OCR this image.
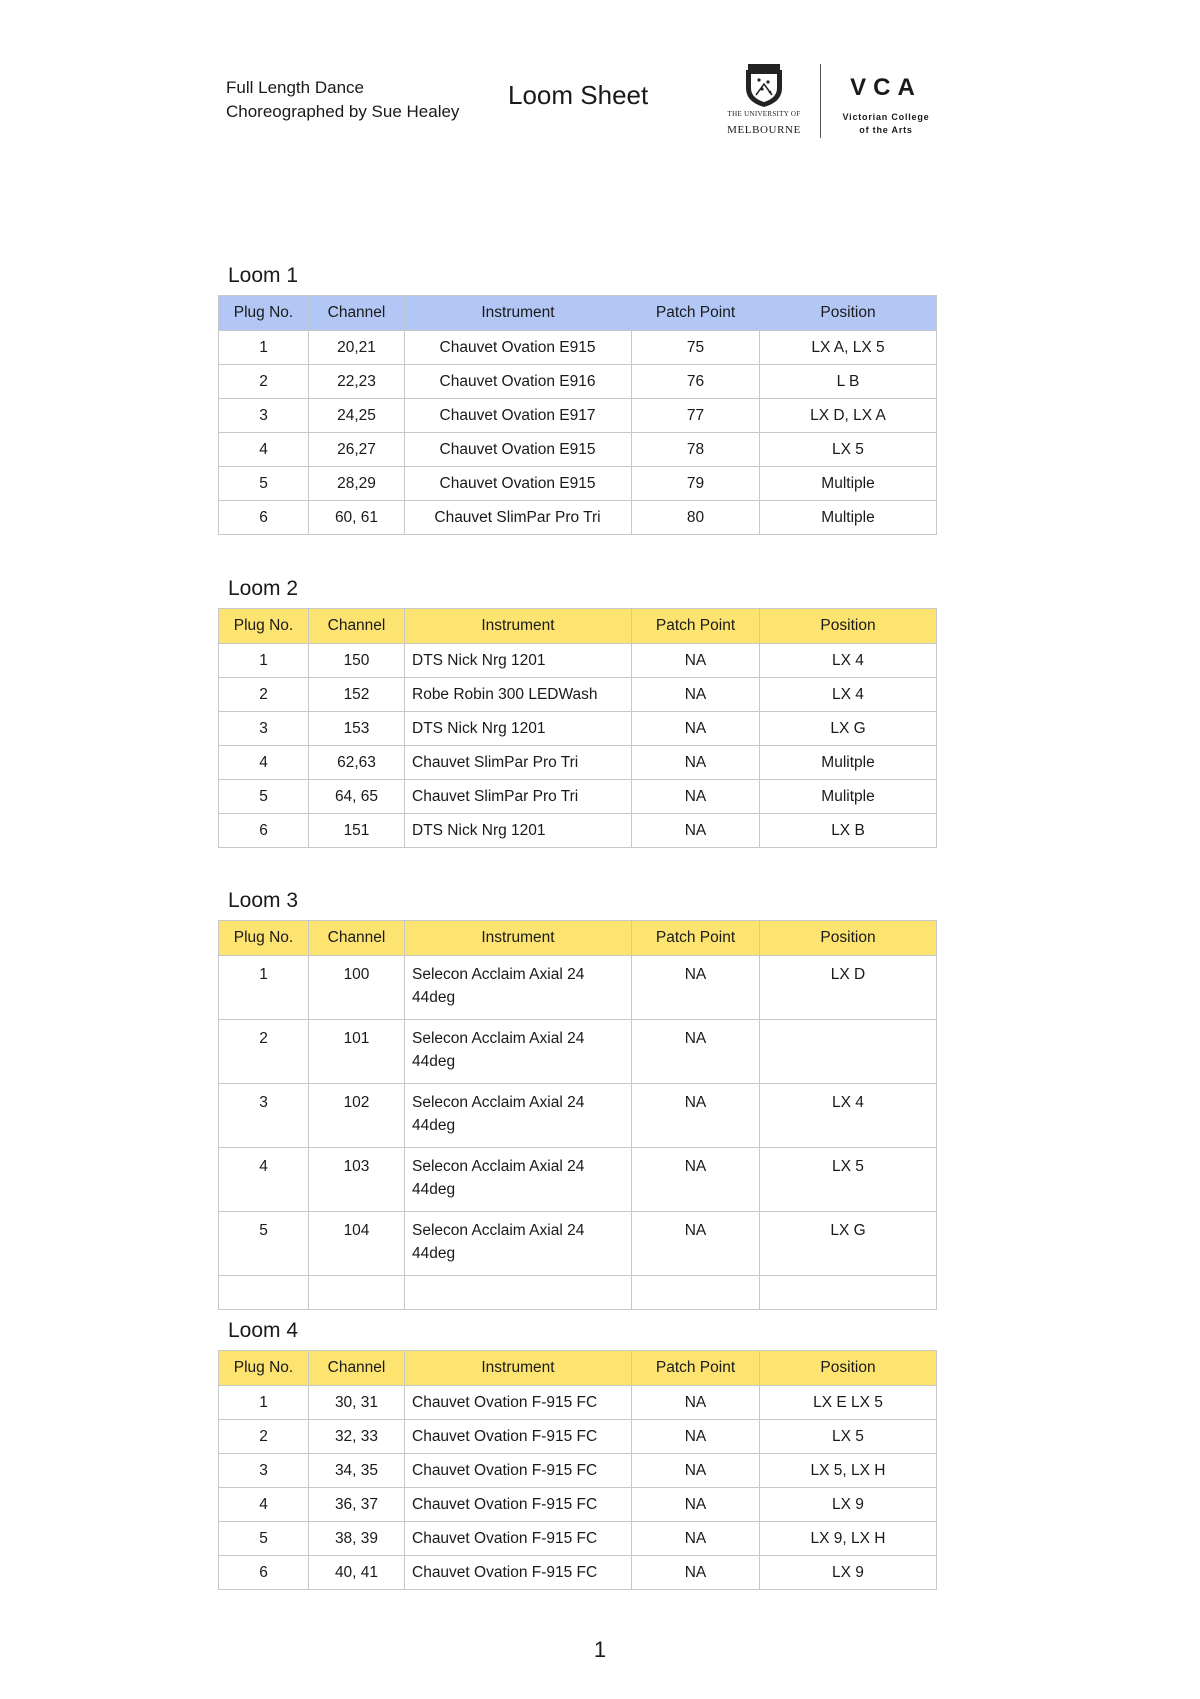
Full Length Dance
Choreographed by Sue Healey
Loom Sheet
THE UNIVERSITY OF
MELBOURNE
VCA
Victorian College
of the Arts
Loom 1
Plug No.	Channel	Instrument	Patch Point	Position
1	20,21	Chauvet Ovation E915	75	LX A, LX 5
2	22,23	Chauvet Ovation E916	76	L B
3	24,25	Chauvet Ovation E917	77	LX D, LX A
4	26,27	Chauvet Ovation E915	78	LX 5
5	28,29	Chauvet Ovation E915	79	Multiple
6	60, 61	Chauvet SlimPar Pro Tri	80	Multiple
Loom 2
Plug No.	Channel	Instrument	Patch Point	Position
1	150	DTS Nick Nrg 1201	NA	LX 4
2	152	Robe Robin 300 LEDWash	NA	LX 4
3	153	DTS Nick Nrg 1201	NA	LX G
4	62,63	Chauvet SlimPar Pro Tri	NA	Mulitple
5	64, 65	Chauvet SlimPar Pro Tri	NA	Mulitple
6	151	DTS Nick Nrg 1201	NA	LX B
Loom 3
Plug No.	Channel	Instrument	Patch Point	Position
1	100	Selecon Acclaim Axial 24 44deg	NA	LX D
2	101	Selecon Acclaim Axial 24 44deg	NA	
3	102	Selecon Acclaim Axial 24 44deg	NA	LX 4
4	103	Selecon Acclaim Axial 24 44deg	NA	LX 5
5	104	Selecon Acclaim Axial 24 44deg	NA	LX G

Loom 4
Plug No.	Channel	Instrument	Patch Point	Position
1	30, 31	Chauvet Ovation F-915 FC	NA	LX E LX 5
2	32, 33	Chauvet Ovation F-915 FC	NA	LX 5
3	34, 35	Chauvet Ovation F-915 FC	NA	LX 5, LX H
4	36, 37	Chauvet Ovation F-915 FC	NA	LX 9
5	38, 39	Chauvet Ovation F-915 FC	NA	LX 9, LX H
6	40, 41	Chauvet Ovation F-915 FC	NA	LX 9
1
